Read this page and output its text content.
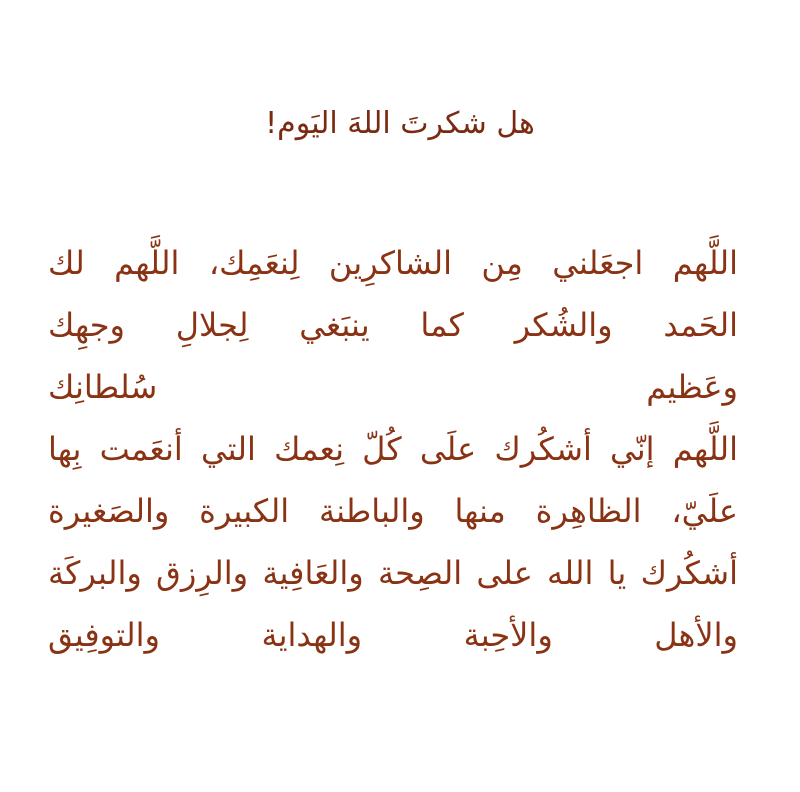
هل شكرتَ اللهَ اليَوم!
اللَّهم اجعَلني مِن الشاكرِين لِنعَمِك، اللَّهم لك
الحَمد والشُكر كما ينبَغي لِجلالِ وجهِك
وعَظيم سُلطانِك
اللَّهم إنّي أشكُرك علَى كُلّ نِعمك التي أنعَمت بِها
علَيّ، الظاهِرة منها والباطنة الكبيرة والصَغيرة
أشكُرك يا الله على الصِحة والعَافِية والرِزق والبركَة
والأهل والأحِبة والهداية والتوفِيق
